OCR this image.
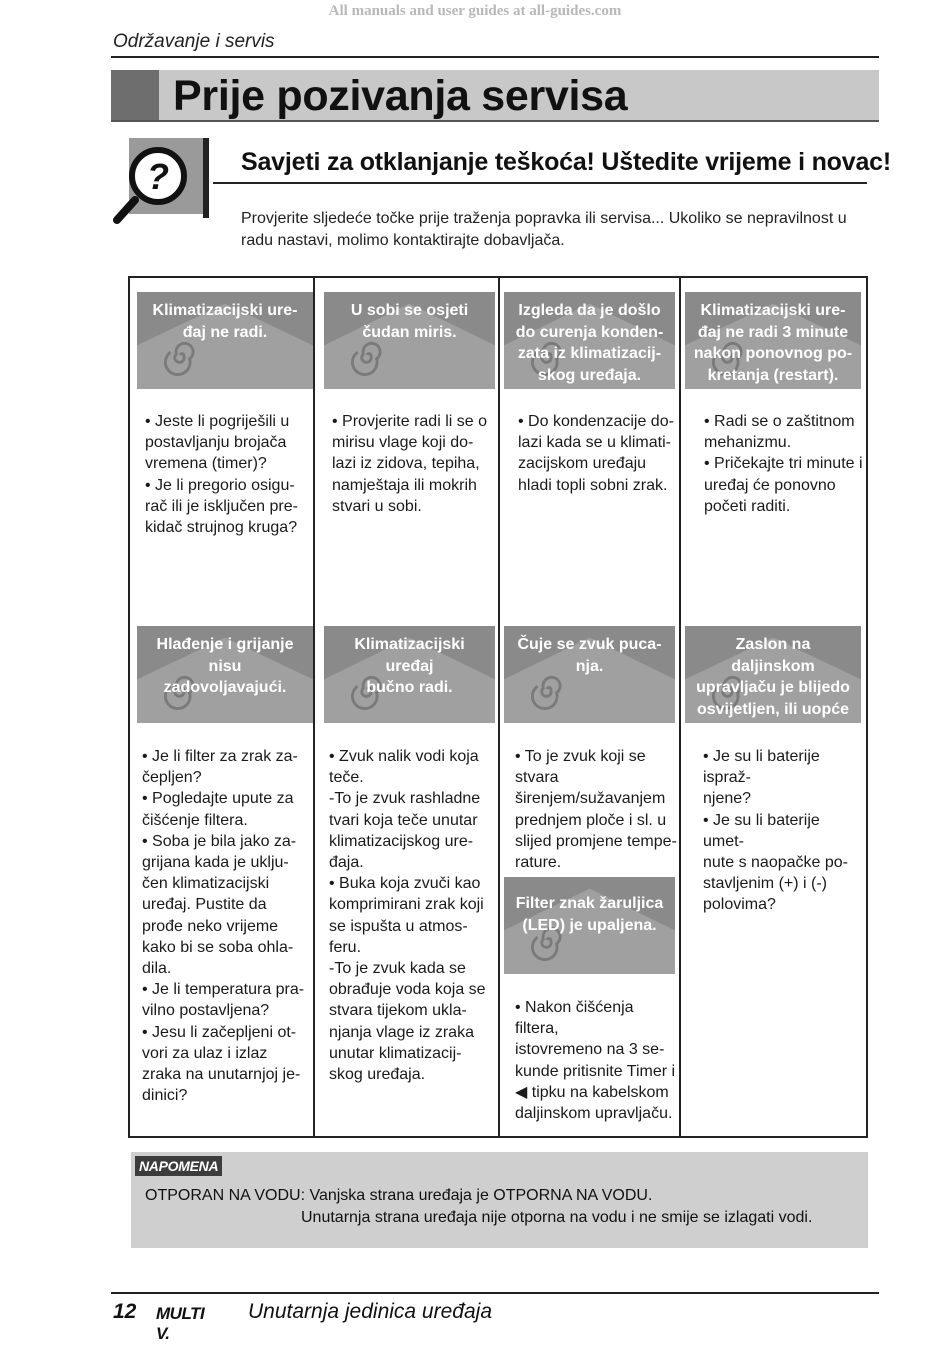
All manuals and user guides at all-guides.com
Održavanje i servis
Prije pozivanja servisa
?	Savjeti za otklanjanje teškoća! Uštedite vrijeme i novac!
Provjerite sljedeće točke prije traženja popravka ili servisa... Ukoliko se nepravilnost u radu nastavi, molimo kontaktirajte dobavljača.
Klimatizacijski ure-
đaj ne radi.
U sobi se osjeti
čudan miris.
Izgleda da je došlo
do curenja konden-
zata iz klimatizacij-
skog uređaja.
Klimatizacijski ure-
đaj ne radi 3 minute
nakon ponovnog po-
kretanja (restart).
• Jeste li pogriješili u
postavljanju brojača
vremena (timer)?
• Je li pregorio osigu-
rač ili je isključen pre-
kidač strujnog kruga?
• Provjerite radi li se o
mirisu vlage koji do-
lazi iz zidova, tepiha,
namještaja ili mokrih
stvari u sobi.
• Do kondenzacije do-
lazi kada se u klimati-
zacijskom uređaju
hladi topli sobni zrak.
• Radi se o zaštitnom
mehanizmu.
• Pričekajte tri minute i
uređaj će ponovno
početi raditi.
Hlađenje i grijanje
nisu zadovoljavajući.
Klimatizacijski uređaj
bučno radi.
Čuje se zvuk puca-
nja.
Zaslon na daljinskom
upravljaču je blijedo
osvijetljen, ili uopće
ne svijetli.
• Je li filter za zrak za-
čepljen?
• Pogledajte upute za
čišćenje filtera.
• Soba je bila jako za-
grijana kada je uklju-
čen klimatizacijski
uređaj. Pustite da
prođe neko vrijeme
kako bi se soba ohla-
dila.
• Je li temperatura pra-
vilno postavljena?
• Jesu li začepljeni ot-
vori za ulaz i izlaz
zraka na unutarnjoj je-
dinici?
• Zvuk nalik vodi koja
teče.
-To je zvuk rashladne
tvari koja teče unutar
klimatizacijskog ure-
đaja.
• Buka koja zvuči kao
komprimirani zrak koji
se ispušta u atmos-
feru.
-To je zvuk kada se
obrađuje voda koja se
stvara tijekom ukla-
njanja vlage iz zraka
unutar klimatizacij-
skog uređaja.
• To je zvuk koji se stvara
širenjem/sužavanjem
prednjem ploče i sl. u
slijed promjene tempe-
rature.
• Je su li baterije isprаž-
njene?
• Je su li baterije umet-
nute s naopačke po-
stavljenim (+) i (-)
polovima?
Filter znak žaruljica
(LED) je upaljena.
• Nakon čišćenja filtera,
istovremeno na 3 se-
kunde pritisnite Timer i
◀ tipku na kabelskom
daljinskom upravljaču.
NAPOMENA
OTPORAN NA VODU: Vanjska strana uređaja je OTPORNA NA VODU.
Unutarnja strana uređaja nije otporna na vodu i ne smije se izlagati vodi.
12 MULTI V.
Unutarnja jedinica uređaja
